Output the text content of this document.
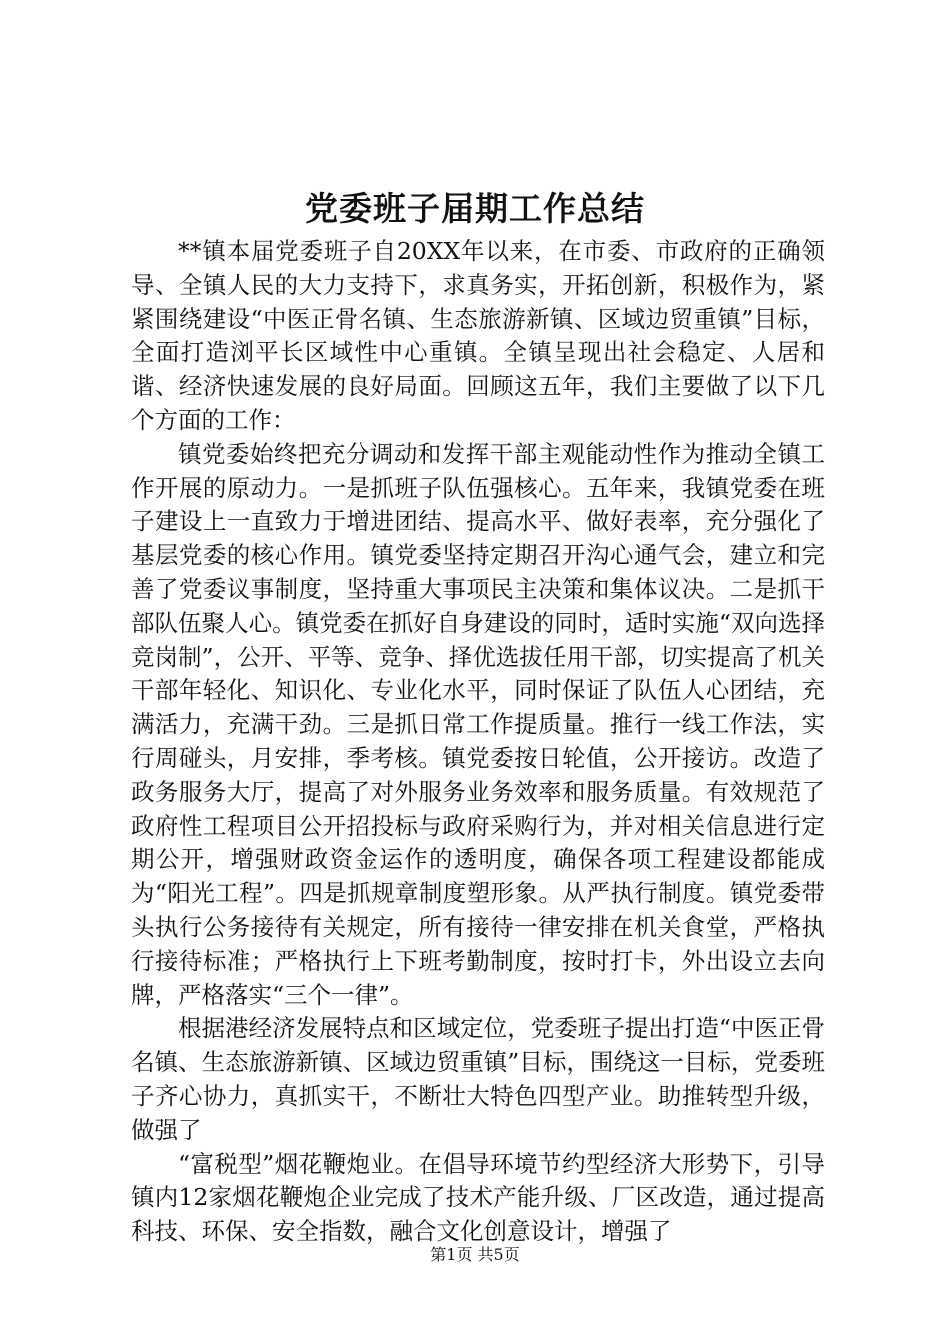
党委班子届期工作总结

**镇本届党委班子自20XX年以来，在市委、市政府的正确领导、全镇人民的大力支持下，求真务实，开拓创新，积极作为，紧紧围绕建设“中医正骨名镇、生态旅游新镇、区域边贸重镇”目标，全面打造浏平长区域性中心重镇。全镇呈现出社会稳定、人居和谐、经济快速发展的良好局面。回顾这五年，我们主要做了以下几个方面的工作：

镇党委始终把充分调动和发挥干部主观能动性作为推动全镇工作开展的原动力。一是抓班子队伍强核心。五年来，我镇党委在班子建设上一直致力于增进团结、提高水平、做好表率，充分强化了基层党委的核心作用。镇党委坚持定期召开沟心通气会，建立和完善了党委议事制度，坚持重大事项民主决策和集体议决。二是抓干部队伍聚人心。镇党委在抓好自身建设的同时，适时实施“双向选择竞岗制”，公开、平等、竞争、择优选拔任用干部，切实提高了机关干部年轻化、知识化、专业化水平，同时保证了队伍人心团结，充满活力，充满干劲。三是抓日常工作提质量。推行一线工作法，实行周碰头，月安排，季考核。镇党委按日轮值，公开接访。改造了政务服务大厅，提高了对外服务业务效率和服务质量。有效规范了政府性工程项目公开招投标与政府采购行为，并对相关信息进行定期公开，增强财政资金运作的透明度，确保各项工程建设都能成为“阳光工程”。四是抓规章制度塑形象。从严执行制度。镇党委带头执行公务接待有关规定，所有接待一律安排在机关食堂，严格执行接待标准；严格执行上下班考勤制度，按时打卡，外出设立去向牌，严格落实“三个一律”。

根据港经济发展特点和区域定位，党委班子提出打造“中医正骨名镇、生态旅游新镇、区域边贸重镇”目标，围绕这一目标，党委班子齐心协力，真抓实干，不断壮大特色四型产业。助推转型升级，做强了

“富税型”烟花鞭炮业。在倡导环境节约型经济大形势下，引导镇内12家烟花鞭炮企业完成了技术产能升级、厂区改造，通过提高科技、环保、安全指数，融合文化创意设计，增强了

第1页 共5页
